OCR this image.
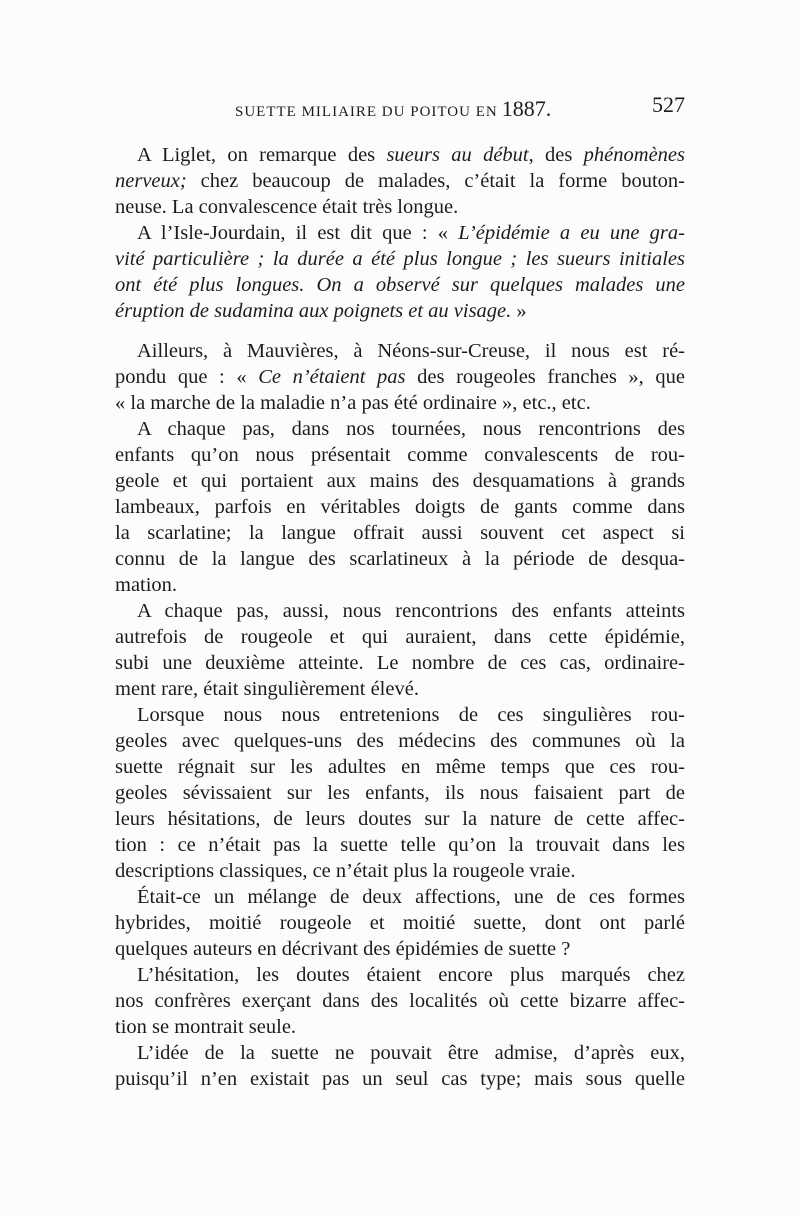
SUETTE MILIAIRE DU POITOU EN 1887.	527
A Liglet, on remarque des sueurs au début, des phénomènes
nerveux; chez beaucoup de malades, c’était la forme bouton-
neuse. La convalescence était très longue.
A l’Isle-Jourdain, il est dit que : « L’épidémie a eu une gra-
vité particulière ; la durée a été plus longue ; les sueurs initiales
ont été plus longues. On a observé sur quelques malades une
éruption de sudamina aux poignets et au visage. »
Ailleurs, à Mauvières, à Néons-sur-Creuse, il nous est ré-
pondu que : « Ce n’étaient pas des rougeoles franches », que
« la marche de la maladie n’a pas été ordinaire », etc., etc.
A chaque pas, dans nos tournées, nous rencontrions des
enfants qu’on nous présentait comme convalescents de rou-
geole et qui portaient aux mains des desquamations à grands
lambeaux, parfois en véritables doigts de gants comme dans
la scarlatine; la langue offrait aussi souvent cet aspect si
connu de la langue des scarlatineux à la période de desqua-
mation.
A chaque pas, aussi, nous rencontrions des enfants atteints
autrefois de rougeole et qui auraient, dans cette épidémie,
subi une deuxième atteinte. Le nombre de ces cas, ordinaire-
ment rare, était singulièrement élevé.
Lorsque nous nous entretenions de ces singulières rou-
geoles avec quelques-uns des médecins des communes où la
suette régnait sur les adultes en même temps que ces rou-
geoles sévissaient sur les enfants, ils nous faisaient part de
leurs hésitations, de leurs doutes sur la nature de cette affec-
tion : ce n’était pas la suette telle qu’on la trouvait dans les
descriptions classiques, ce n’était plus la rougeole vraie.
Était-ce un mélange de deux affections, une de ces formes
hybrides, moitié rougeole et moitié suette, dont ont parlé
quelques auteurs en décrivant des épidémies de suette ?
L’hésitation, les doutes étaient encore plus marqués chez
nos confrères exerçant dans des localités où cette bizarre affec-
tion se montrait seule.
L’idée de la suette ne pouvait être admise, d’après eux,
puisqu’il n’en existait pas un seul cas type; mais sous quelle
